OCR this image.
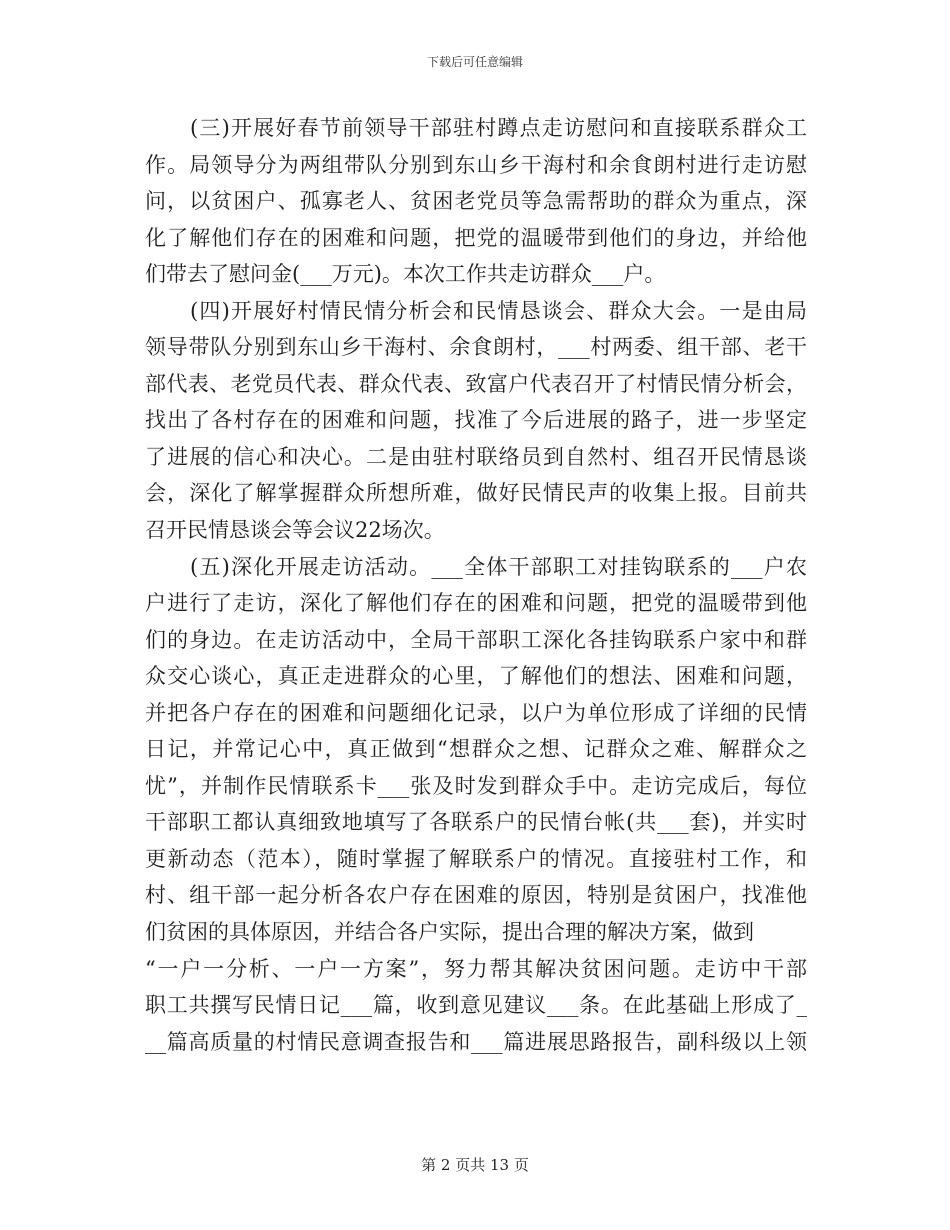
下载后可任意编辑
(三)开展好春节前领导干部驻村蹲点走访慰问和直接联系群众工
作。局领导分为两组带队分别到东山乡干海村和余食朗村进行走访慰
问，以贫困户、孤寡老人、贫困老党员等急需帮助的群众为重点，深
化了解他们存在的困难和问题，把党的温暖带到他们的身边，并给他
们带去了慰问金(___万元)。本次工作共走访群众___户。
(四)开展好村情民情分析会和民情恳谈会、群众大会。一是由局
领导带队分别到东山乡干海村、余食朗村，___村两委、组干部、老干
部代表、老党员代表、群众代表、致富户代表召开了村情民情分析会，
找出了各村存在的困难和问题，找准了今后进展的路子，进一步坚定
了进展的信心和决心。二是由驻村联络员到自然村、组召开民情恳谈
会，深化了解掌握群众所想所难，做好民情民声的收集上报。目前共
召开民情恳谈会等会议22场次。
(五)深化开展走访活动。___全体干部职工对挂钩联系的___户农
户进行了走访，深化了解他们存在的困难和问题，把党的温暖带到他
们的身边。在走访活动中，全局干部职工深化各挂钩联系户家中和群
众交心谈心，真正走进群众的心里，了解他们的想法、困难和问题，
并把各户存在的困难和问题细化记录，以户为单位形成了详细的民情
日记，并常记心中，真正做到“想群众之想、记群众之难、解群众之
忧”，并制作民情联系卡___张及时发到群众手中。走访完成后，每位
干部职工都认真细致地填写了各联系户的民情台帐(共___套)，并实时
更新动态（范本），随时掌握了解联系户的情况。直接驻村工作，和
村、组干部一起分析各农户存在困难的原因，特别是贫困户，找准他
们贫困的具体原因，并结合各户实际，提出合理的解决方案，做到
“一户一分析、一户一方案”，努力帮其解决贫困问题。走访中干部
职工共撰写民情日记___篇，收到意见建议___条。在此基础上形成了_
__篇高质量的村情民意调查报告和___篇进展思路报告，副科级以上领
第 2 页共 13 页
